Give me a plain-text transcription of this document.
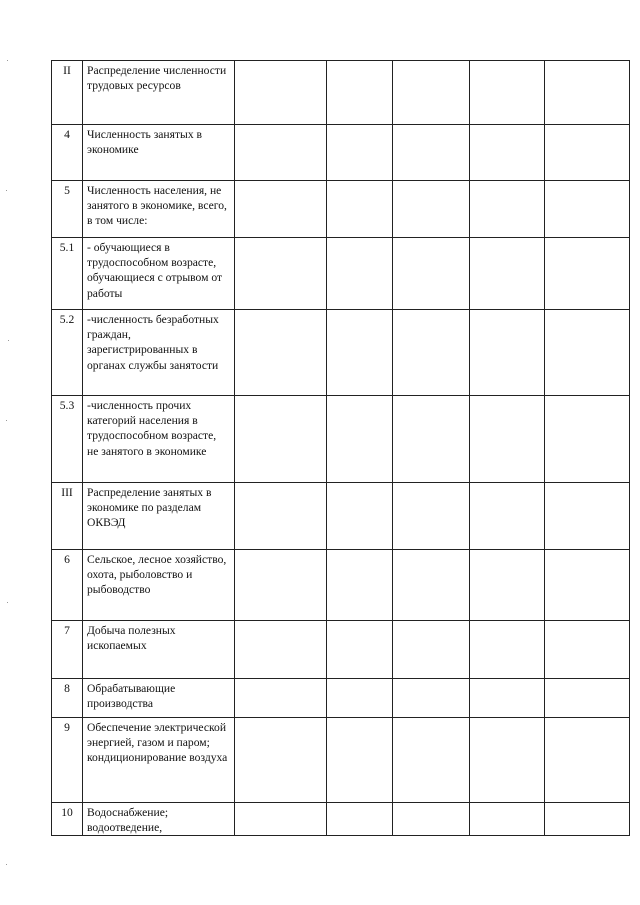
II	Распределение численности трудовых ресурсов					

4	Численность занятых в экономике					

5	Численность населения, не занятого в экономике, всего, в том числе:					

5.1	- обучающиеся в трудоспособном возрасте, обучающиеся с отрывом от работы					

5.2	-численность безработных граждан, зарегистрированных в органах службы занятости					

5.3	-численность прочих категорий населения в трудоспособном возрасте, не занятого в экономике					

III	Распределение занятых в экономике по разделам ОКВЭД					

6	Сельское, лесное хозяйство, охота, рыболовство и рыбоводство					

7	Добыча полезных ископаемых					

8	Обрабатывающие производства					

9	Обеспечение электрической энергией, газом и паром; кондиционирование воздуха					

10	Водоснабжение; водоотведение,					
